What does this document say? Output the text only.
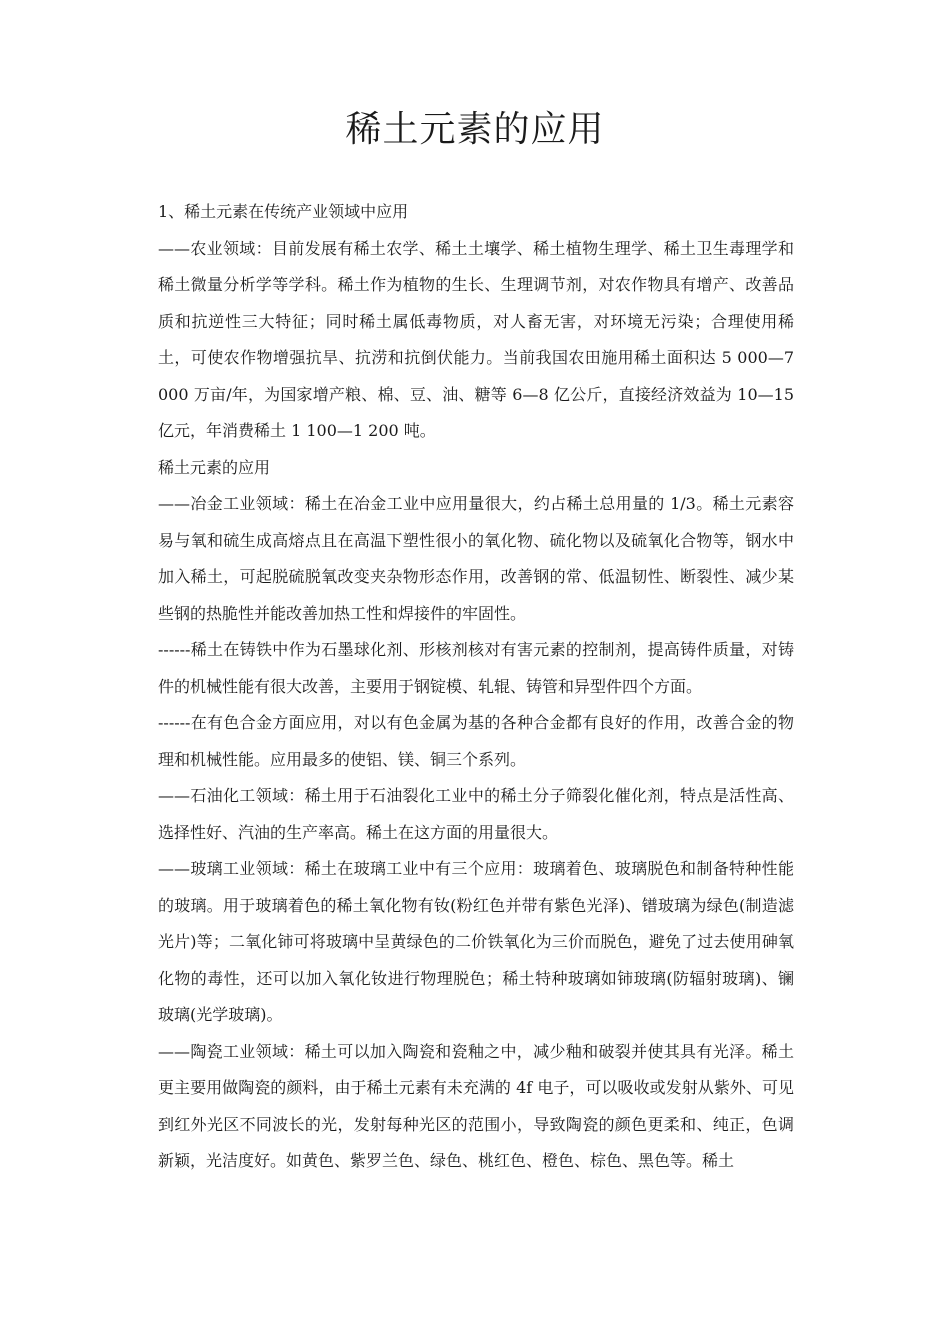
稀土元素的应用

1、稀土元素在传统产业领域中应用

——农业领域：目前发展有稀土农学、稀土土壤学、稀土植物生理学、稀土卫生毒理学和稀土微量分析学等学科。稀土作为植物的生长、生理调节剂，对农作物具有增产、改善品质和抗逆性三大特征；同时稀土属低毒物质，对人畜无害，对环境无污染；合理使用稀土，可使农作物增强抗旱、抗涝和抗倒伏能力。当前我国农田施用稀土面积达 5 000—7 000 万亩/年，为国家增产粮、棉、豆、油、糖等 6—8 亿公斤，直接经济效益为 10—15 亿元，年消费稀土 1 100—1 200 吨。

稀土元素的应用

——冶金工业领域：稀土在冶金工业中应用量很大，约占稀土总用量的 1/3。稀土元素容易与氧和硫生成高熔点且在高温下塑性很小的氧化物、硫化物以及硫氧化合物等，钢水中加入稀土，可起脱硫脱氧改变夹杂物形态作用，改善钢的常、低温韧性、断裂性、减少某些钢的热脆性并能改善加热工性和焊接件的牢固性。

------稀土在铸铁中作为石墨球化剂、形核剂核对有害元素的控制剂，提高铸件质量，对铸件的机械性能有很大改善，主要用于钢锭模、轧辊、铸管和异型件四个方面。

------在有色合金方面应用，对以有色金属为基的各种合金都有良好的作用，改善合金的物理和机械性能。应用最多的使铝、镁、铜三个系列。

——石油化工领域：稀土用于石油裂化工业中的稀土分子筛裂化催化剂，特点是活性高、选择性好、汽油的生产率高。稀土在这方面的用量很大。

——玻璃工业领域：稀土在玻璃工业中有三个应用：玻璃着色、玻璃脱色和制备特种性能的玻璃。用于玻璃着色的稀土氧化物有钕(粉红色并带有紫色光泽)、镨玻璃为绿色(制造滤光片)等；二氧化铈可将玻璃中呈黄绿色的二价铁氧化为三价而脱色，避免了过去使用砷氧化物的毒性，还可以加入氧化钕进行物理脱色；稀土特种玻璃如铈玻璃(防辐射玻璃)、镧玻璃(光学玻璃)。

——陶瓷工业领域：稀土可以加入陶瓷和瓷釉之中，减少釉和破裂并使其具有光泽。稀土更主要用做陶瓷的颜料，由于稀土元素有未充满的 4f 电子，可以吸收或发射从紫外、可见到红外光区不同波长的光，发射每种光区的范围小，导致陶瓷的颜色更柔和、纯正，色调新颖，光洁度好。如黄色、紫罗兰色、绿色、桃红色、橙色、棕色、黑色等。稀土
